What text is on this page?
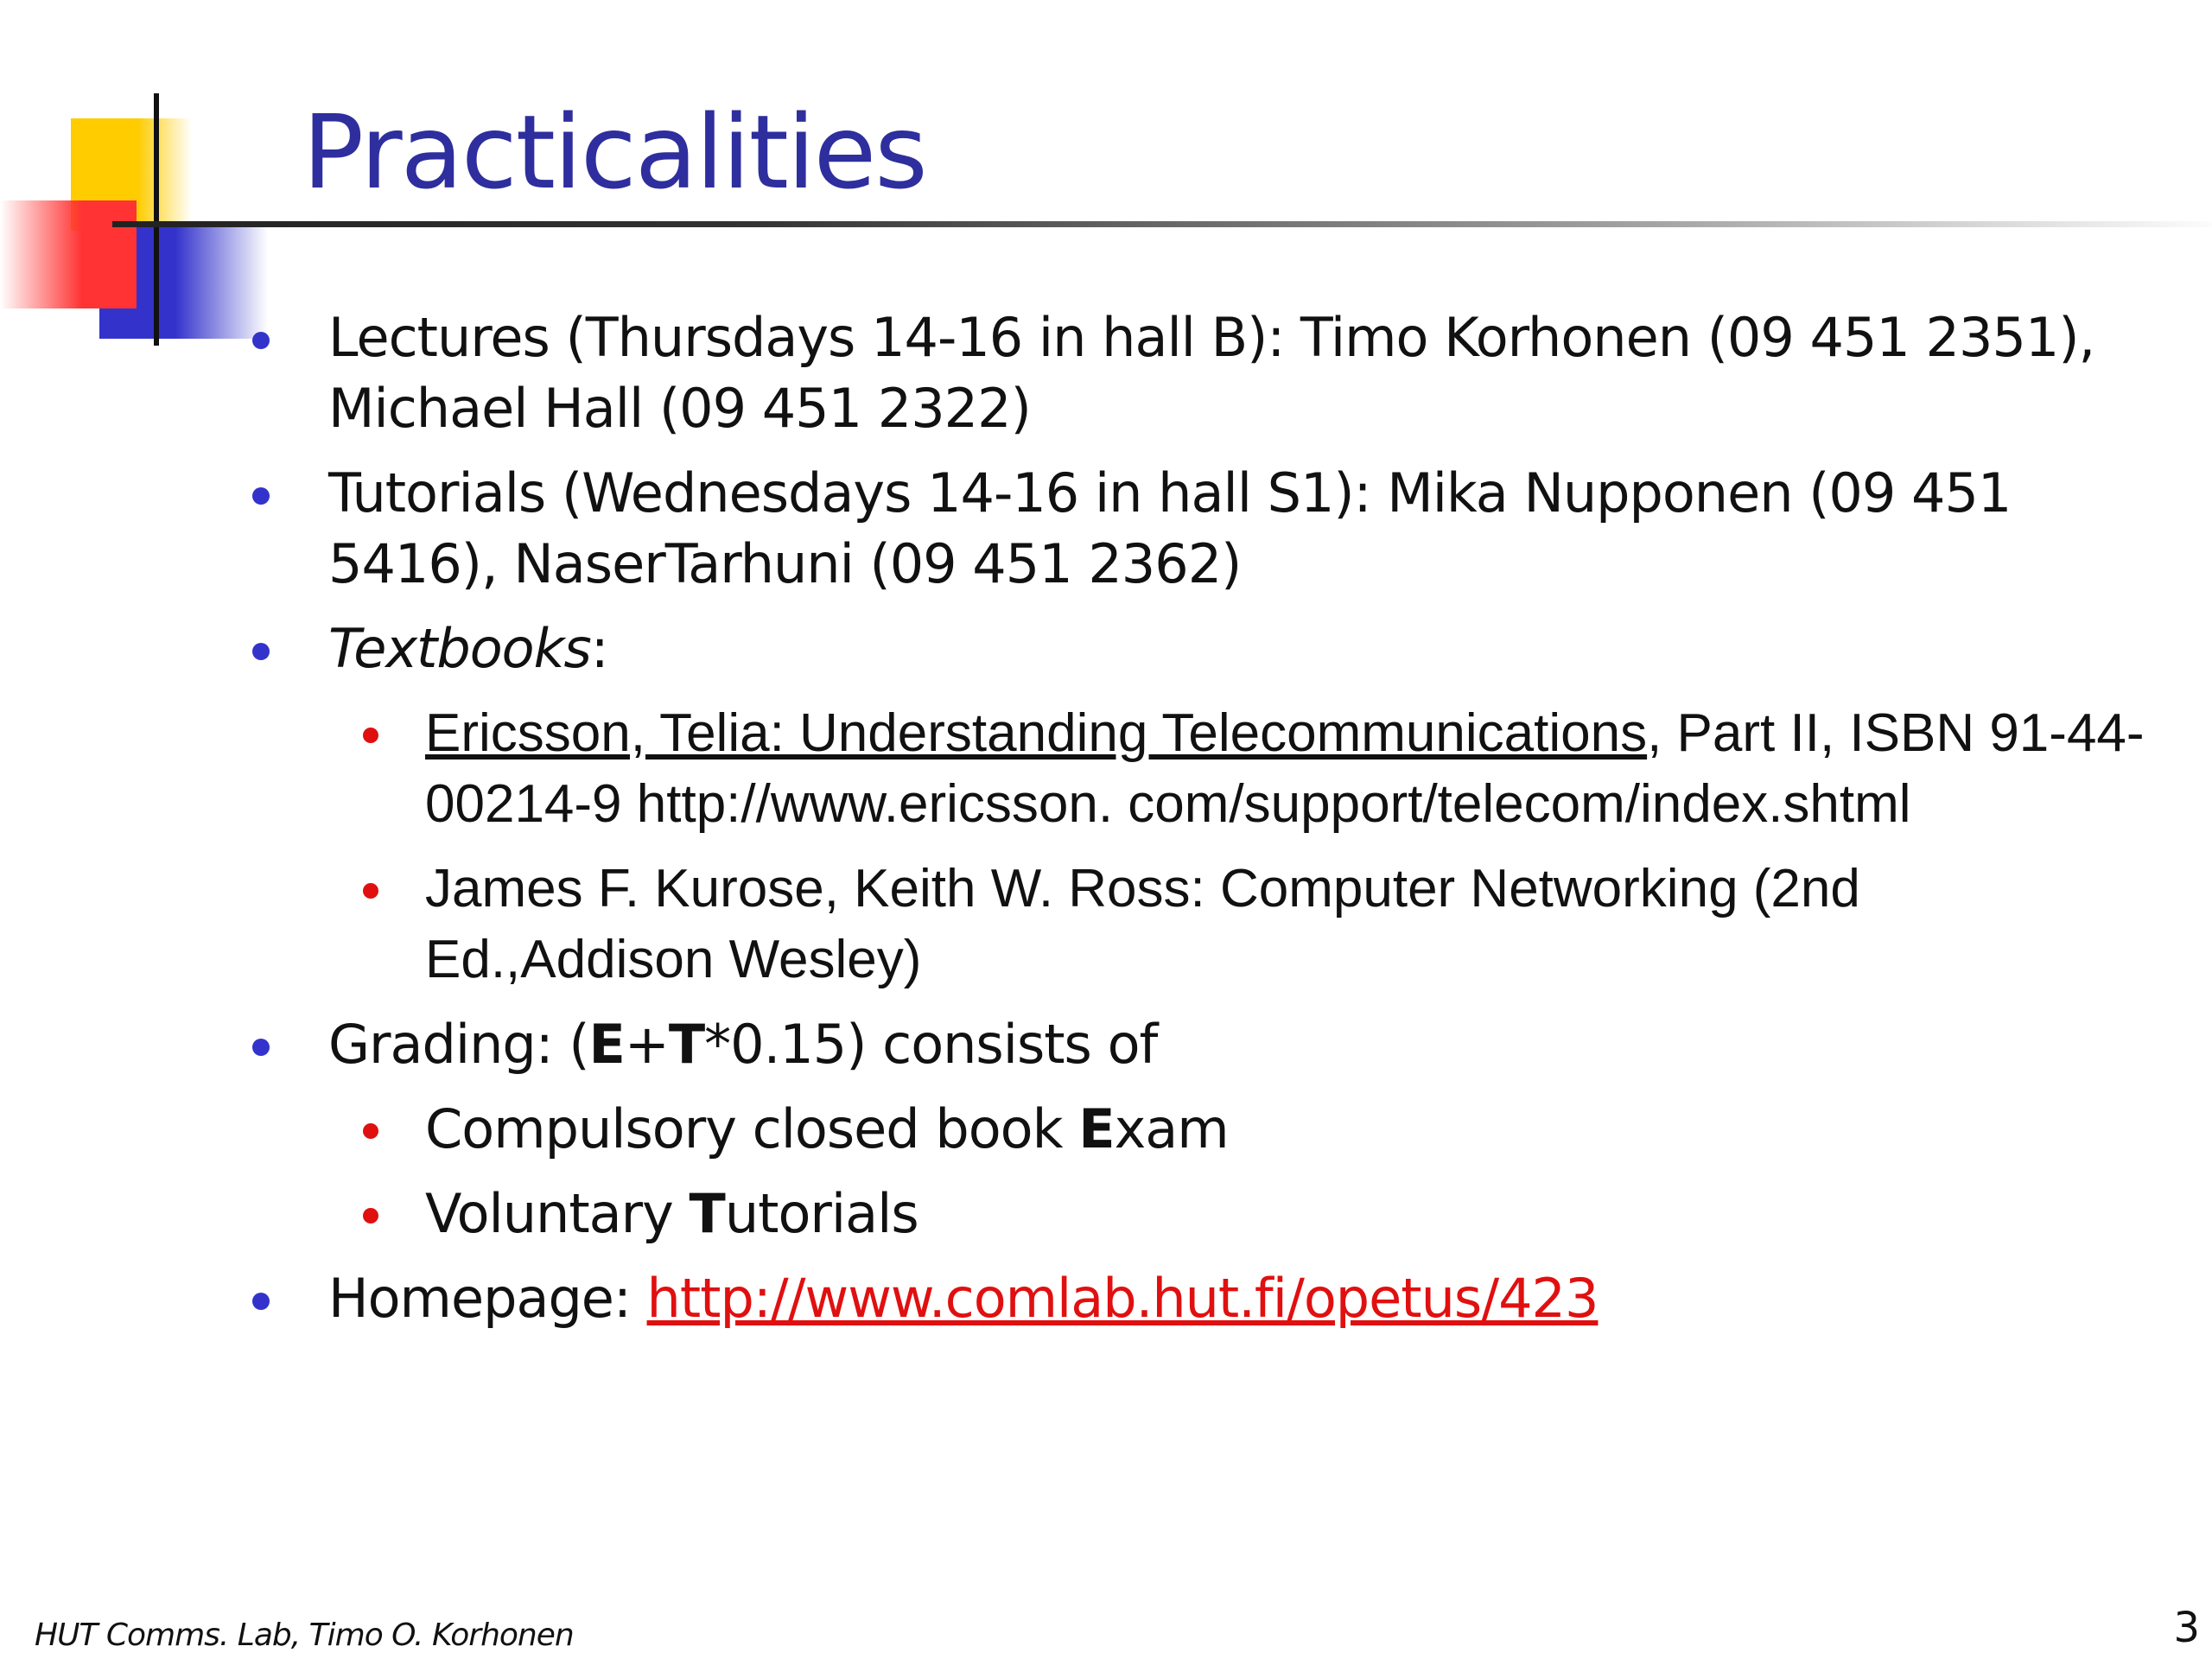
Practicalities
Lectures (Thursdays 14-16 in hall B): Timo Korhonen (09 451 2351), Michael Hall (09 451 2322)
Tutorials (Wednesdays 14-16 in hall S1): Mika Nupponen (09 451 5416), NaserTarhuni (09 451 2362)
Textbooks:
Ericsson, Telia: Understanding Telecommunications, Part II, ISBN 91-44-00214-9 http://www.ericsson. com/support/telecom/index.shtml
James F. Kurose, Keith W. Ross: Computer Networking (2nd Ed.,Addison Wesley)
Grading: (E+T*0.15) consists of
Compulsory closed book Exam
Voluntary Tutorials
Homepage: http://www.comlab.hut.fi/opetus/423
HUT Comms. Lab, Timo O. Korhonen	3
